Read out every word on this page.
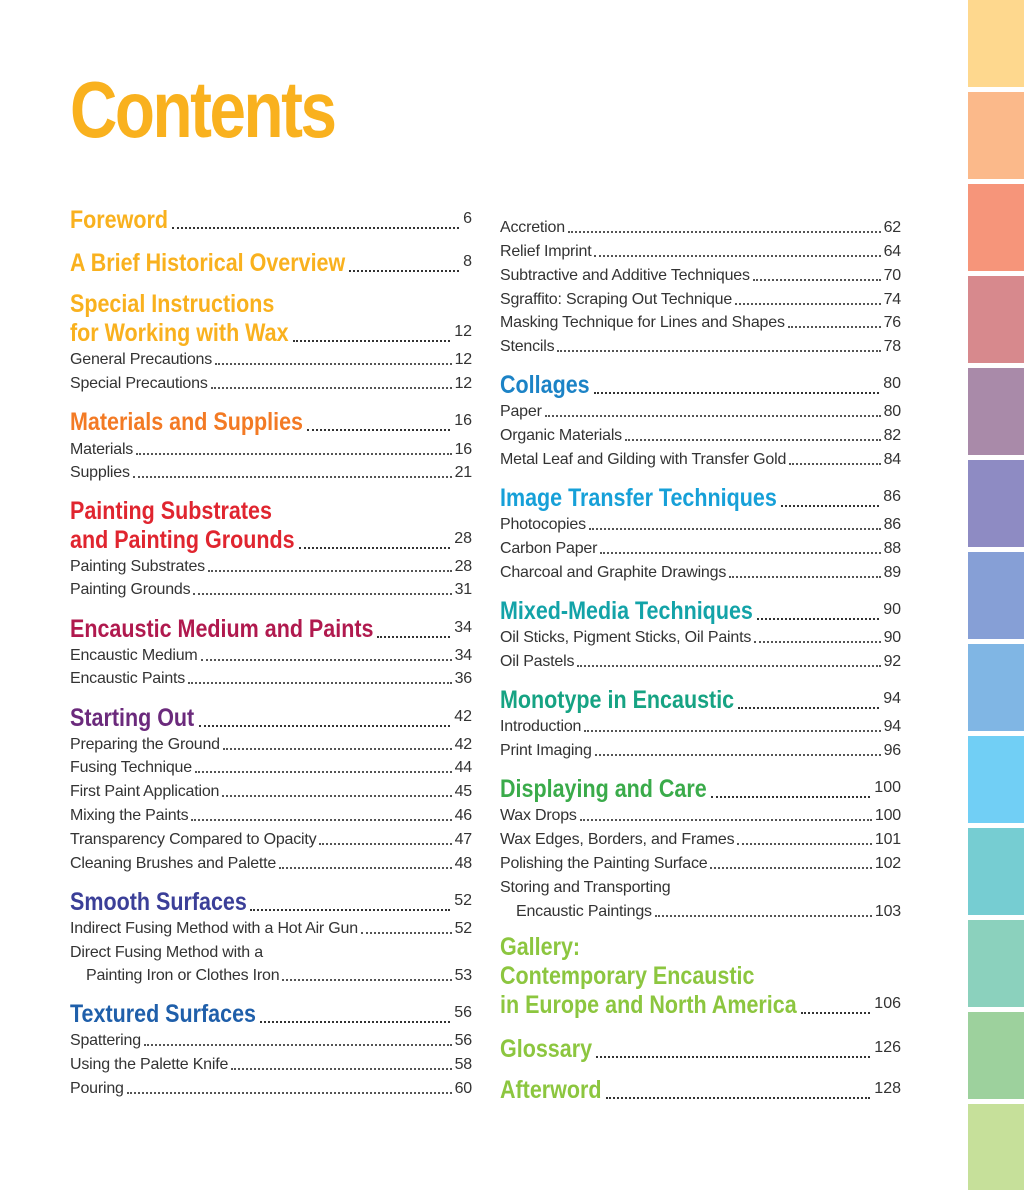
Contents
Foreword	6
A Brief Historical Overview	8
Special Instructions
for Working with Wax	12
General Precautions	12
Special Precautions	12
Materials and Supplies	16
Materials	16
Supplies	21
Painting Substrates
and Painting Grounds	28
Painting Substrates	28
Painting Grounds	31
Encaustic Medium and Paints	34
Encaustic Medium	34
Encaustic Paints	36
Starting Out	42
Preparing the Ground	42
Fusing Technique	44
First Paint Application	45
Mixing the Paints	46
Transparency Compared to Opacity	47
Cleaning Brushes and Palette	48
Smooth Surfaces	52
Indirect Fusing Method with a Hot Air Gun	52
Direct Fusing Method with a
Painting Iron or Clothes Iron	53
Textured Surfaces	56
Spattering	56
Using the Palette Knife	58
Pouring	60
Accretion	62
Relief Imprint	64
Subtractive and Additive Techniques	70
Sgraffito: Scraping Out Technique	74
Masking Technique for Lines and Shapes	76
Stencils	78
Collages	80
Paper	80
Organic Materials	82
Metal Leaf and Gilding with Transfer Gold	84
Image Transfer Techniques	86
Photocopies	86
Carbon Paper	88
Charcoal and Graphite Drawings	89
Mixed-Media Techniques	90
Oil Sticks, Pigment Sticks, Oil Paints	90
Oil Pastels	92
Monotype in Encaustic	94
Introduction	94
Print Imaging	96
Displaying and Care	100
Wax Drops	100
Wax Edges, Borders, and Frames	101
Polishing the Painting Surface	102
Storing and Transporting
Encaustic Paintings	103
Gallery:
Contemporary Encaustic
in Europe and North America	106
Glossary	126
Afterword	128
